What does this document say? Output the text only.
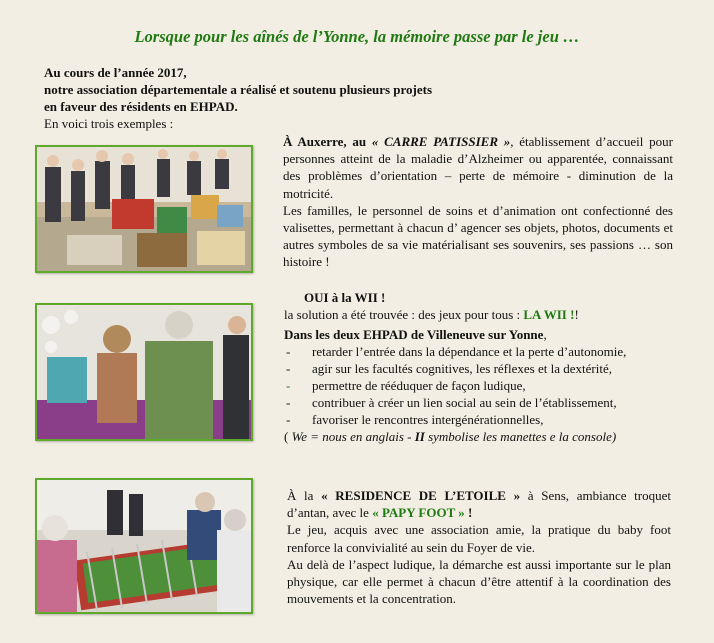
Lorsque pour les aînés de l’Yonne, la mémoire passe par le jeu …
Au cours de l’année 2017,
notre association départementale a réalisé et soutenu plusieurs projets
en faveur des résidents en EHPAD.
En voici trois exemples :
À Auxerre, au « CARRE PATISSIER », établissement d’accueil pour personnes atteint de la maladie d’Alzheimer ou apparentée, connaissant des problèmes d’orientation – perte de mémoire - diminution de la motricité.
Les familles, le personnel de soins et d’animation ont confectionné des valisettes, permettant à chacun d’ agencer ses objets, photos, documents et autres symboles de sa vie matérialisant ses souvenirs, ses passions … son histoire !
OUI à la WII !
la solution a été trouvée : des jeux pour tous : LA WII !!
Dans les deux EHPAD de Villeneuve sur Yonne,
- retarder l’entrée dans la dépendance et la perte d’autonomie,
- agir sur les facultés cognitives, les réflexes et la dextérité,
- permettre de rééduquer de façon ludique,
- contribuer à créer un lien social au sein de l’établissement,
- favoriser le rencontres intergénérationnelles,
( We = nous en anglais - II symbolise les manettes e la console)
À la « RESIDENCE DE L’ETOILE » à Sens, ambiance troquet d’antan, avec le « PAPY FOOT » !
Le jeu, acquis avec une association amie, la pratique du baby foot renforce la convivialité au sein du Foyer de vie.
Au delà de l’aspect ludique, la démarche est aussi importante sur le plan physique, car elle permet à chacun d’être attentif à la coordination des mouvements et la concentration.
